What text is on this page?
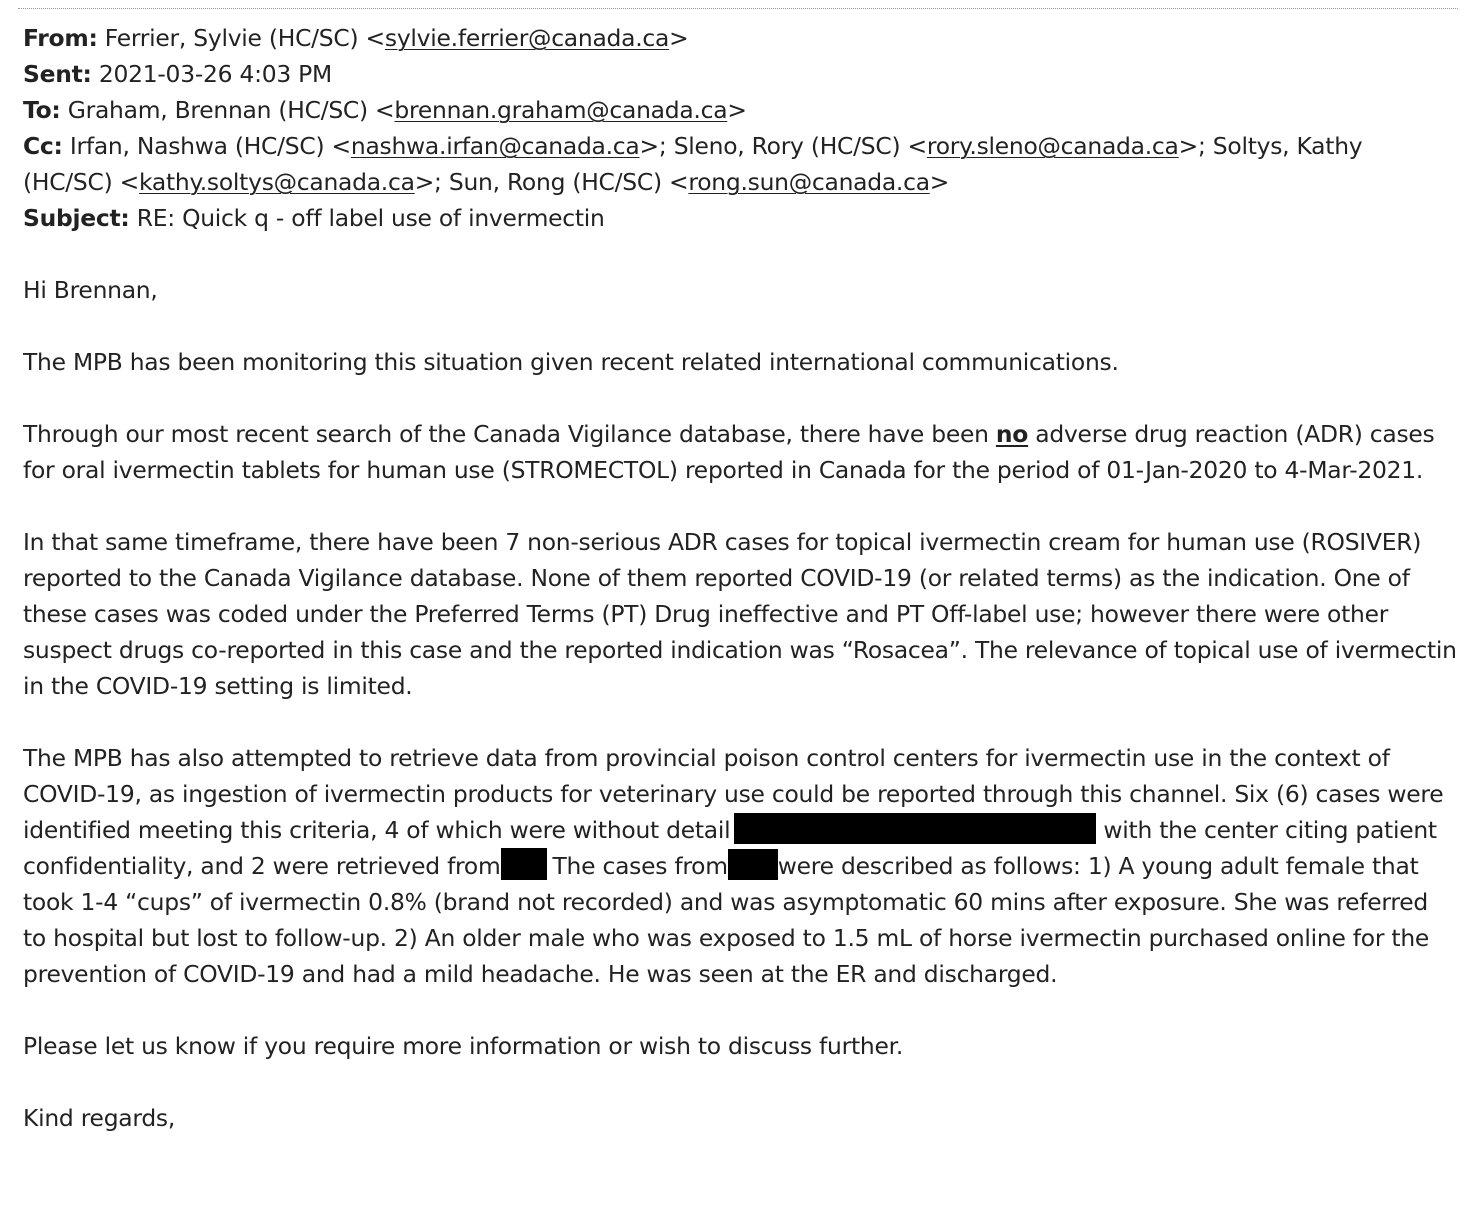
From: Ferrier, Sylvie (HC/SC) <sylvie.ferrier@canada.ca>
Sent: 2021-03-26 4:03 PM
To: Graham, Brennan (HC/SC) <brennan.graham@canada.ca>
Cc: Irfan, Nashwa (HC/SC) <nashwa.irfan@canada.ca>; Sleno, Rory (HC/SC) <rory.sleno@canada.ca>; Soltys, Kathy (HC/SC) <kathy.soltys@canada.ca>; Sun, Rong (HC/SC) <rong.sun@canada.ca>
Subject: RE: Quick q - off label use of invermectin

Hi Brennan,

The MPB has been monitoring this situation given recent related international communications.

Through our most recent search of the Canada Vigilance database, there have been no adverse drug reaction (ADR) cases for oral ivermectin tablets for human use (STROMECTOL) reported in Canada for the period of 01-Jan-2020 to 4-Mar-2021.

In that same timeframe, there have been 7 non-serious ADR cases for topical ivermectin cream for human use (ROSIVER) reported to the Canada Vigilance database. None of them reported COVID-19 (or related terms) as the indication. One of these cases was coded under the Preferred Terms (PT) Drug ineffective and PT Off-label use; however there were other suspect drugs co-reported in this case and the reported indication was “Rosacea”. The relevance of topical use of ivermectin in the COVID-19 setting is limited.

The MPB has also attempted to retrieve data from provincial poison control centers for ivermectin use in the context of COVID-19, as ingestion of ivermectin products for veterinary use could be reported through this channel. Six (6) cases were identified meeting this criteria, 4 of which were without detail	with the center citing patient confidentiality, and 2 were retrieved from The cases from were described as follows: 1) A young adult female that took 1-4 “cups” of ivermectin 0.8% (brand not recorded) and was asymptomatic 60 mins after exposure. She was referred to hospital but lost to follow-up. 2) An older male who was exposed to 1.5 mL of horse ivermectin purchased online for the prevention of COVID-19 and had a mild headache. He was seen at the ER and discharged.

Please let us know if you require more information or wish to discuss further.

Kind regards,
